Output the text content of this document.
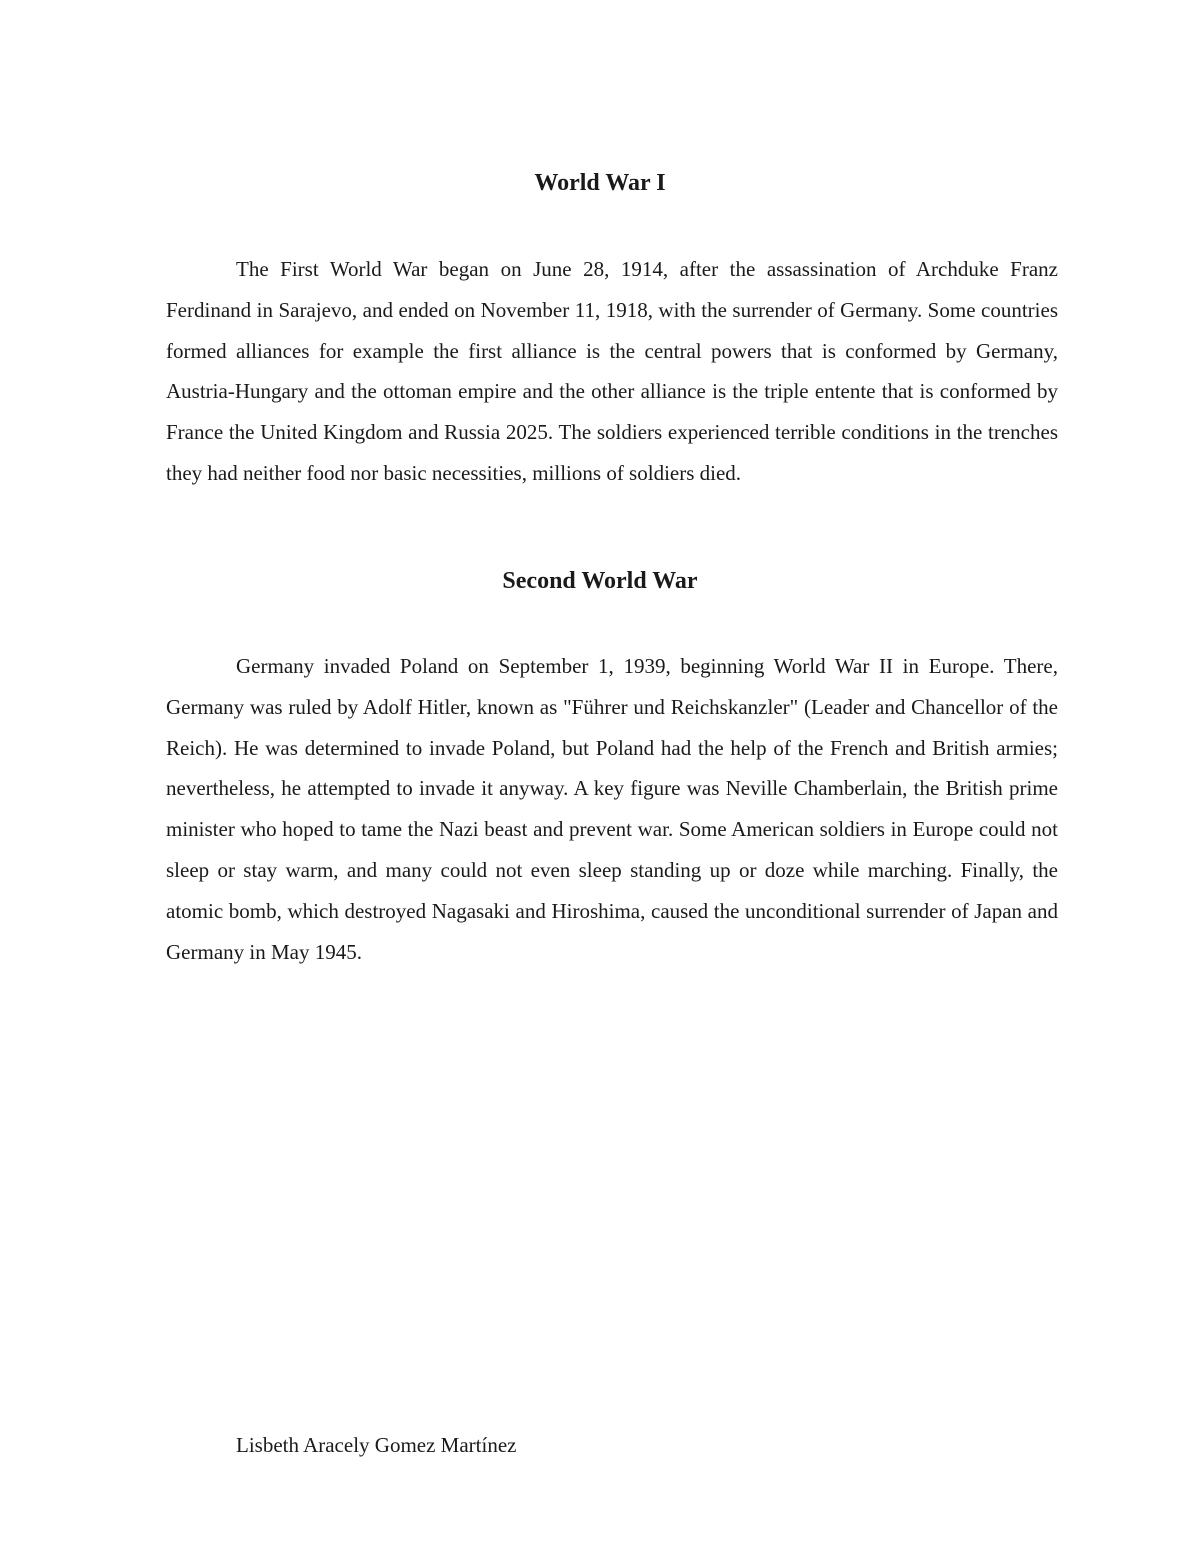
World War I

The First World War began on June 28, 1914, after the assassination of Archduke Franz Ferdinand in Sarajevo, and ended on November 11, 1918, with the surrender of Germany. Some countries formed alliances for example the first alliance is the central powers that is conformed by Germany, Austria-Hungary and the ottoman empire and the other alliance is the triple entente that is conformed by France the United Kingdom and Russia 2025. The soldiers experienced terrible conditions in the trenches they had neither food nor basic necessities, millions of soldiers died.

Second World War

Germany invaded Poland on September 1, 1939, beginning World War II in Europe. There, Germany was ruled by Adolf Hitler, known as "Führer und Reichskanzler" (Leader and Chancellor of the Reich). He was determined to invade Poland, but Poland had the help of the French and British armies; nevertheless, he attempted to invade it anyway. A key figure was Neville Chamberlain, the British prime minister who hoped to tame the Nazi beast and prevent war. Some American soldiers in Europe could not sleep or stay warm, and many could not even sleep standing up or doze while marching. Finally, the atomic bomb, which destroyed Nagasaki and Hiroshima, caused the unconditional surrender of Japan and Germany in May 1945.

Lisbeth Aracely Gomez Martínez
